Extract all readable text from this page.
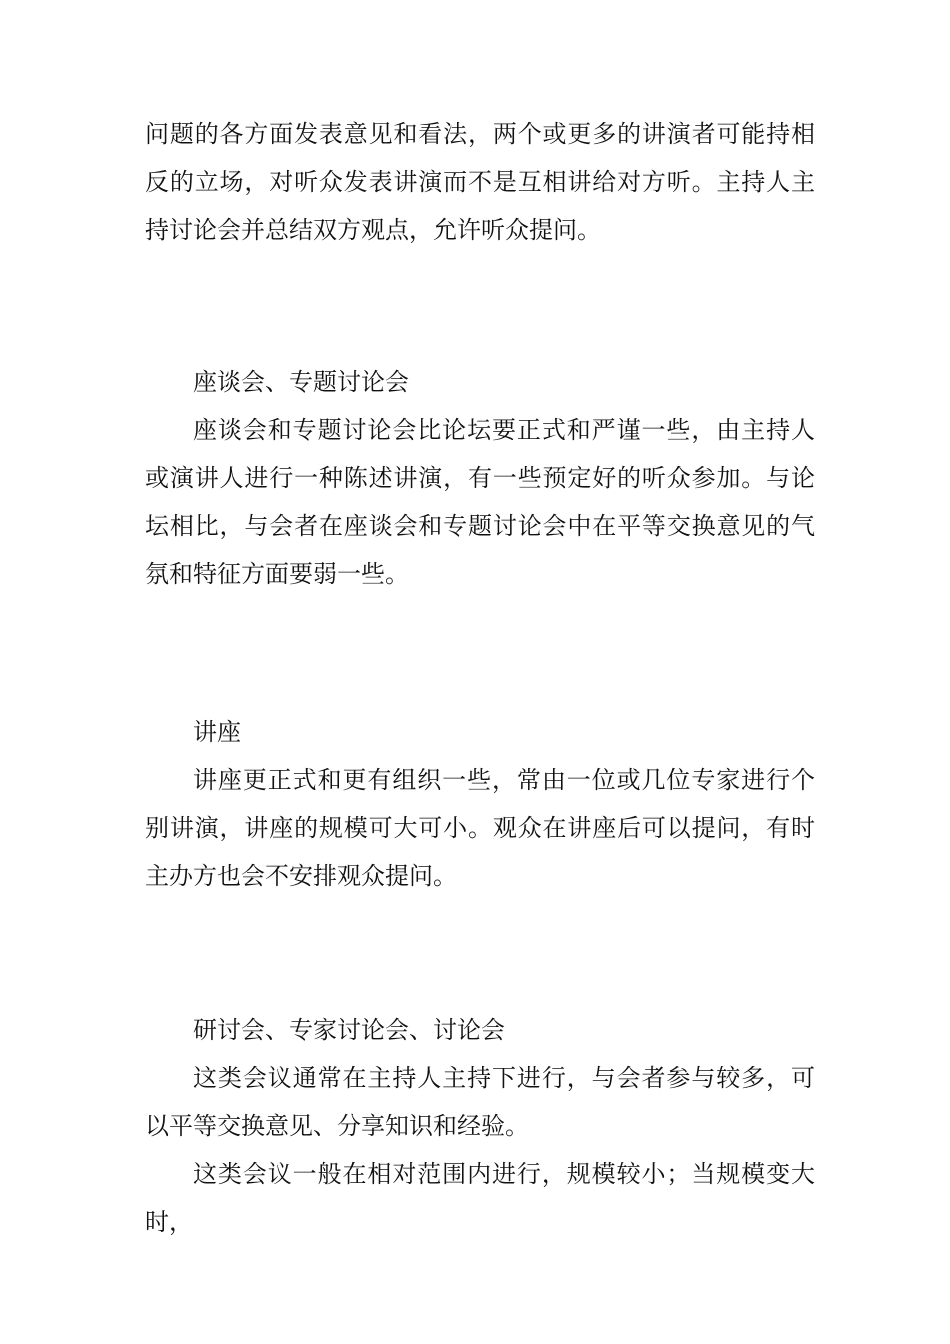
问题的各方面发表意见和看法，两个或更多的讲演者可能持相反的立场，对听众发表讲演而不是互相讲给对方听。主持人主持讨论会并总结双方观点，允许听众提问。

座谈会、专题讨论会

座谈会和专题讨论会比论坛要正式和严谨一些，由主持人或演讲人进行一种陈述讲演，有一些预定好的听众参加。与论坛相比，与会者在座谈会和专题讨论会中在平等交换意见的气氛和特征方面要弱一些。

讲座

讲座更正式和更有组织一些，常由一位或几位专家进行个别讲演，讲座的规模可大可小。观众在讲座后可以提问，有时主办方也会不安排观众提问。

研讨会、专家讨论会、讨论会

这类会议通常在主持人主持下进行，与会者参与较多，可以平等交换意见、分享知识和经验。

这类会议一般在相对范围内进行，规模较小；当规模变大时，
